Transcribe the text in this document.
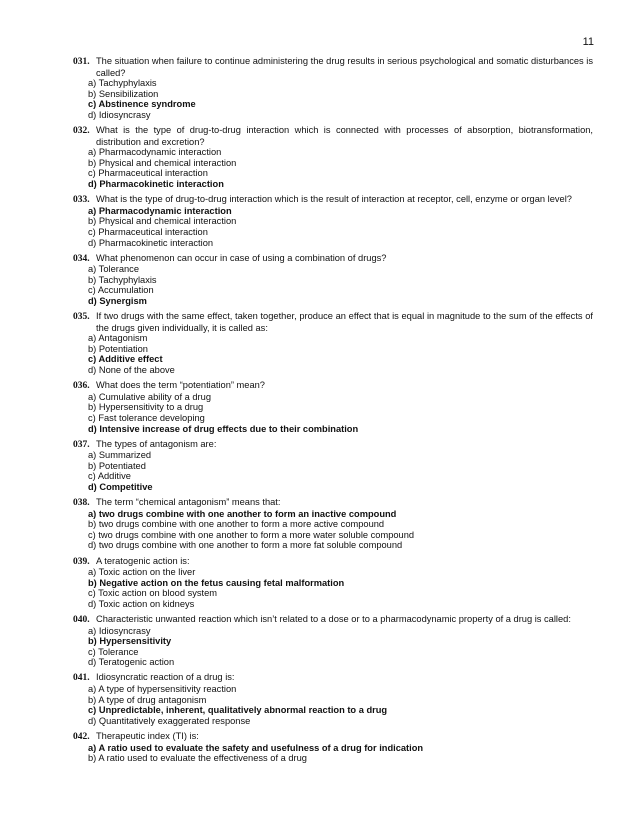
11
031. The situation when failure to continue administering the drug results in serious psychological and somatic disturbances is called?
a) Tachyphylaxis
b) Sensibilization
c) Abstinence syndrome
d) Idiosyncrasy
032. What is the type of drug-to-drug interaction which is connected with processes of absorption, biotransformation, distribution and excretion?
a) Pharmacodynamic interaction
b) Physical and chemical interaction
c) Pharmaceutical interaction
d) Pharmacokinetic interaction
033. What is the type of drug-to-drug interaction which is the result of interaction at receptor, cell, enzyme or organ level?
a) Pharmacodynamic interaction
b) Physical and chemical interaction
c) Pharmaceutical interaction
d) Pharmacokinetic interaction
034. What phenomenon can occur in case of using a combination of drugs?
a) Tolerance
b) Tachyphylaxis
c) Accumulation
d) Synergism
035. If two drugs with the same effect, taken together, produce an effect that is equal in magnitude to the sum of the effects of the drugs given individually, it is called as:
a) Antagonism
b) Potentiation
c) Additive effect
d) None of the above
036. What does the term “potentiation” mean?
a) Cumulative ability of a drug
b) Hypersensitivity to a drug
c) Fast tolerance developing
d) Intensive increase of drug effects due to their combination
037. The types of antagonism are:
a) Summarized
b) Potentiated
c) Additive
d) Competitive
038. The term “chemical antagonism” means that:
a) two drugs combine with one another to form an inactive compound
b) two drugs combine with one another to form a more active compound
c) two drugs combine with one another to form a more water soluble compound
d) two drugs combine with one another to form a more fat soluble compound
039. A teratogenic action is:
a) Toxic action on the liver
b) Negative action on the fetus causing fetal malformation
c) Toxic action on blood system
d) Toxic action on kidneys
040. Characteristic unwanted reaction which isn’t related to a dose or to a pharmacodynamic property of a drug is called:
a) Idiosyncrasy
b) Hypersensitivity
c) Tolerance
d) Teratogenic action
041. Idiosyncratic reaction of a drug is:
a) A type of hypersensitivity reaction
b) A type of drug antagonism
c) Unpredictable, inherent, qualitatively abnormal reaction to a drug
d) Quantitatively exaggerated response
042. Therapeutic index (TI) is:
a) A ratio used to evaluate the safety and usefulness of a drug for indication
b) A ratio used to evaluate the effectiveness of a drug
